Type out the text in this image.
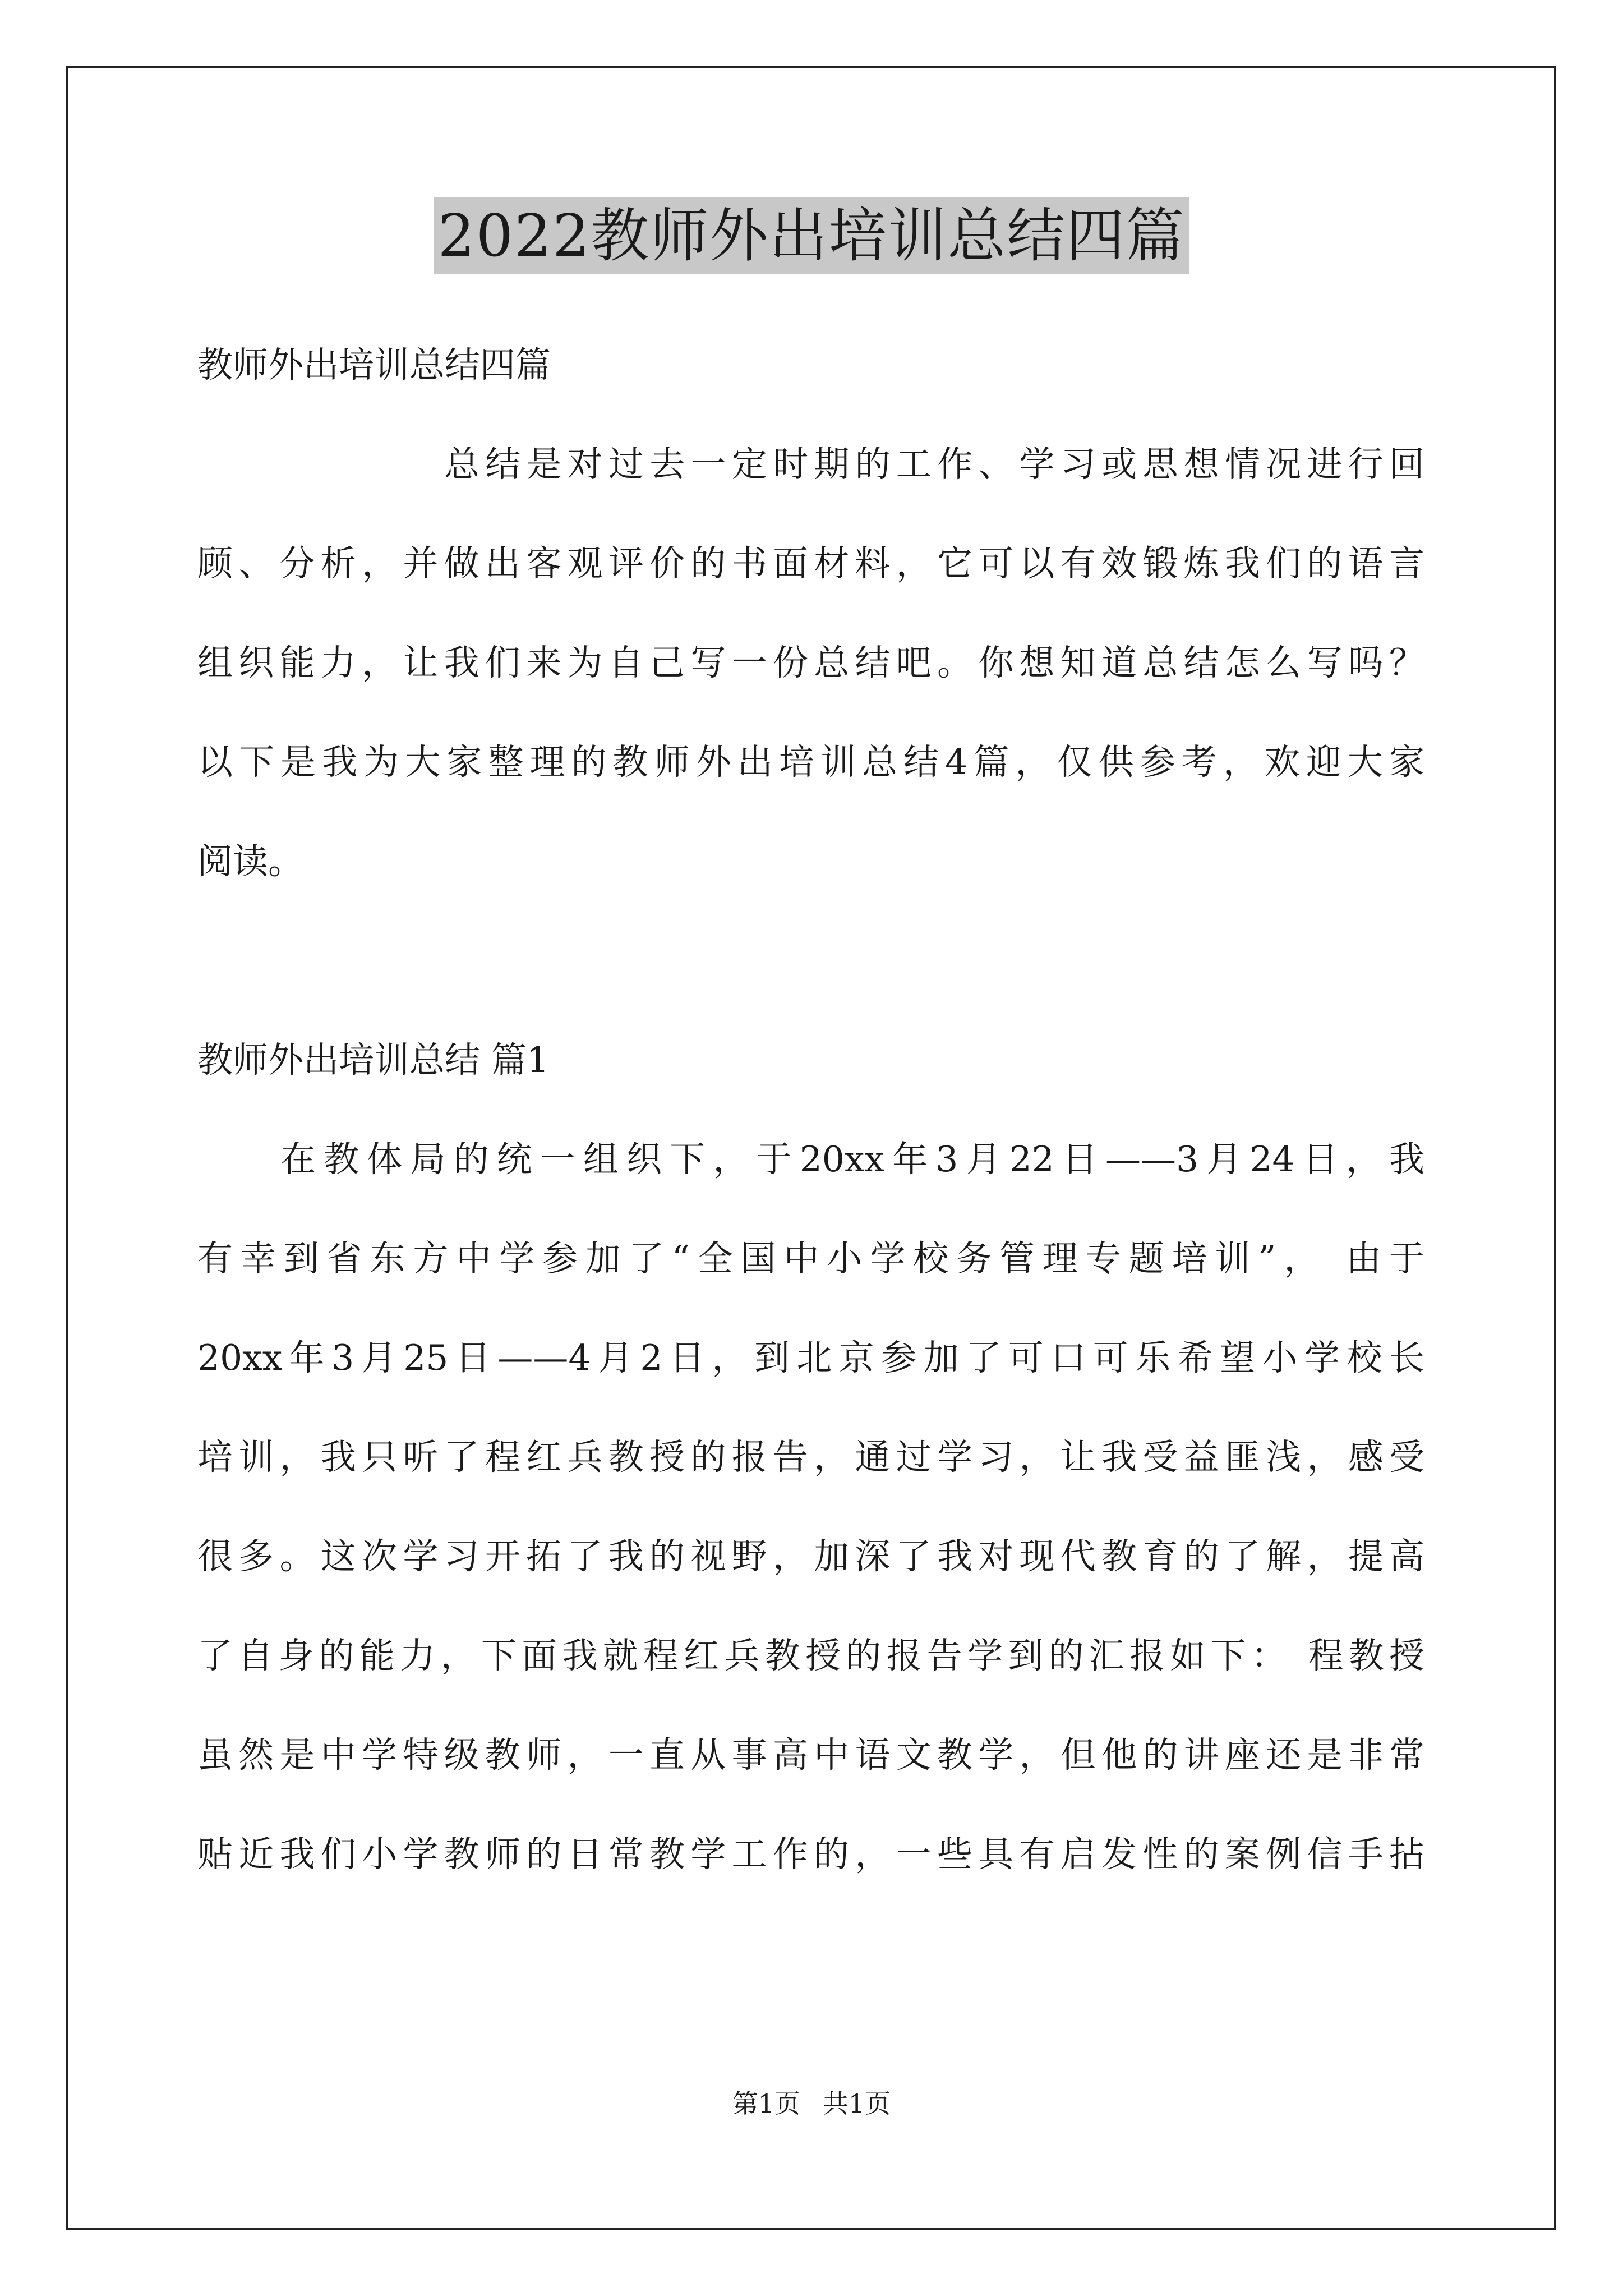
2022教师外出培训总结四篇
教师外出培训总结四篇
总结是对过去一定时期的工作、学习或思想情况进行回
顾、分析，并做出客观评价的书面材料，它可以有效锻炼我们的语言
组织能力，让我们来为自己写一份总结吧。你想知道总结怎么写吗？
以下是我为大家整理的教师外出培训总结4篇，仅供参考，欢迎大家
阅读。
教师外出培训总结 篇1
在教体局的统一组织下，于20xx年3月22日——3月24日，我
有幸到省东方中学参加了“全国中小学校务管理专题培训”， 由于
20xx年3月25日——4月2日，到北京参加了可口可乐希望小学校长
培训，我只听了程红兵教授的报告，通过学习，让我受益匪浅，感受
很多。这次学习开拓了我的视野，加深了我对现代教育的了解，提高
了自身的能力，下面我就程红兵教授的报告学到的汇报如下： 程教授
虽然是中学特级教师，一直从事高中语文教学，但他的讲座还是非常
贴近我们小学教师的日常教学工作的，一些具有启发性的案例信手拈
第1页 共1页
